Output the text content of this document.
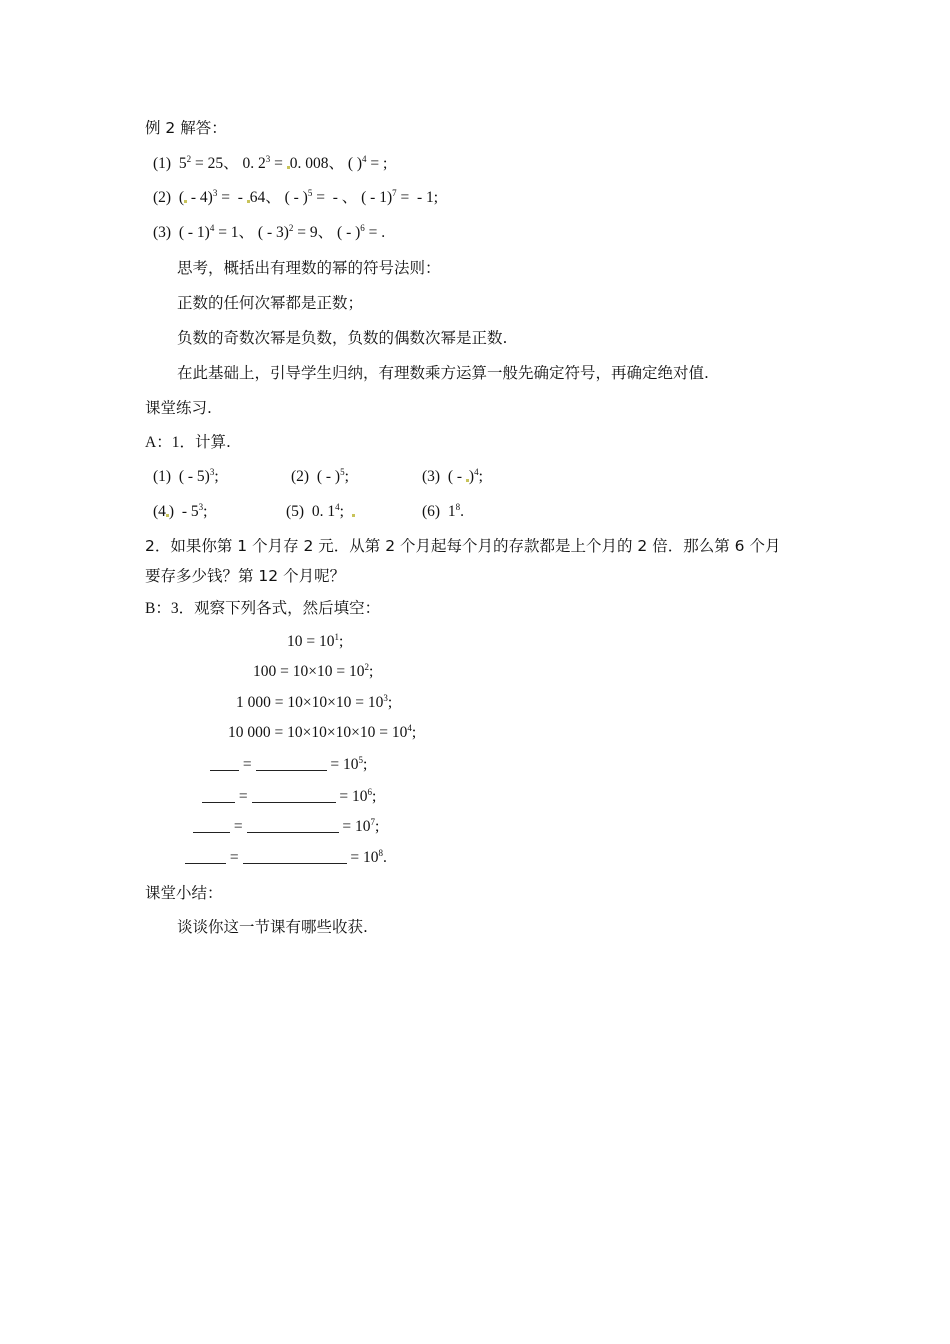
例 2 解答：
(1)  $5^2 = 25$、 0. $2^3 = 0$. 008、 ( )$^4$ = ;
(2)  ( - 4)$^3$ =  - 64、 ( - )$^5$ =  - 、 ( - 1)$^7$ =  - 1;
(3)  ( - 1)$^4$ = 1、 ( - 3)$^2$ = 9、 ( - )$^6$ = .
思考，概括出有理数的幂的符号法则：
正数的任何次幂都是正数；
负数的奇数次幂是负数，负数的偶数次幂是正数.
在此基础上，引导学生归纳，有理数乘方运算一般先确定符号，再确定绝对值.
课堂练习.
A：1．计算.
(1)  ( - 5)$^3$;	(2)  ( - )$^5$;	(3)  ( - )$^4$;
(4 )  - $5^3$;	(5)  0. $1^4$;	(6)  $1^8$.
2．如果你第 1 个月存 2 元．从第 2 个月起每个月的存款都是上个月的 2 倍．那么第 6 个月
要存多少钱？第 12 个月呢？
B：3．观察下列各式，然后填空：
$10 = 10^1$;
$100 = 10\times 10 = 10^2$;
1 $000 = 10\times 10\times 10 = 10^3$;
10 $000 = 10\times 10\times 10\times 10 = 10^4$;
=	= $10^5$;
=	= $10^6$;
=	= $10^7$;
=	= $10^8$.
课堂小结：
谈谈你这一节课有哪些收获.
